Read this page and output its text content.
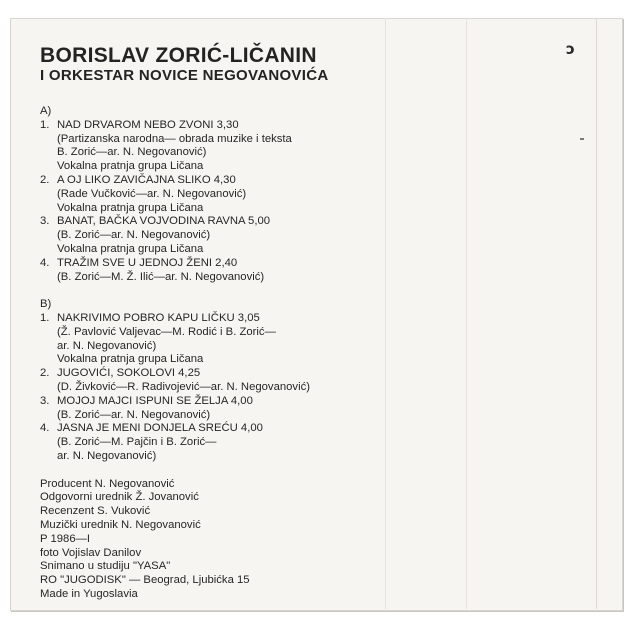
ɔ
BORISLAV ZORIĆ-LIČANIN
I ORKESTAR NOVICE NEGOVANOVIĆA
A)
1. NAD DRVAROM NEBO ZVONI 3,30
(Partizanska narodna— obrada muzike i teksta
B. Zorić—ar. N. Negovanović)
Vokalna pratnja grupa Ličana
2. A OJ LIKO ZAVIČAJNA SLIKO 4,30
(Rade Vučković—ar. N. Negovanović)
Vokalna pratnja grupa Ličana
3. BANAT, BAČKA VOJVODINA RAVNA 5,00
(B. Zorić—ar. N. Negovanović)
Vokalna pratnja grupa Ličana
4. TRAŽIM SVE U JEDNOJ ŽENI 2,40
(B. Zorić—M. Ž. Ilić—ar. N. Negovanović)
B)
1. NAKRIVIMO POBRO KAPU LIČKU 3,05
(Ž. Pavlović Valjevac—M. Rodić i B. Zorić—
ar. N. Negovanović)
Vokalna pratnja grupa Ličana
2. JUGOVIĆI, SOKOLOVI 4,25
(D. Živković—R. Radivojević—ar. N. Negovanović)
3. MOJOJ MAJCI ISPUNI SE ŽELJA 4,00
(B. Zorić—ar. N. Negovanović)
4. JASNA JE MENI DONJELA SREĆU 4,00
(B. Zorić—M. Pajčin i B. Zorić—
ar. N. Negovanović)
Producent N. Negovanović
Odgovorni urednik Ž. Jovanović
Recenzent S. Vuković
Muzički urednik N. Negovanović
P 1986—I
foto Vojislav Danilov
Snimano u studiju "YASA"
RO "JUGODISK" — Beograd, Ljubićka 15
Made in Yugoslavia
